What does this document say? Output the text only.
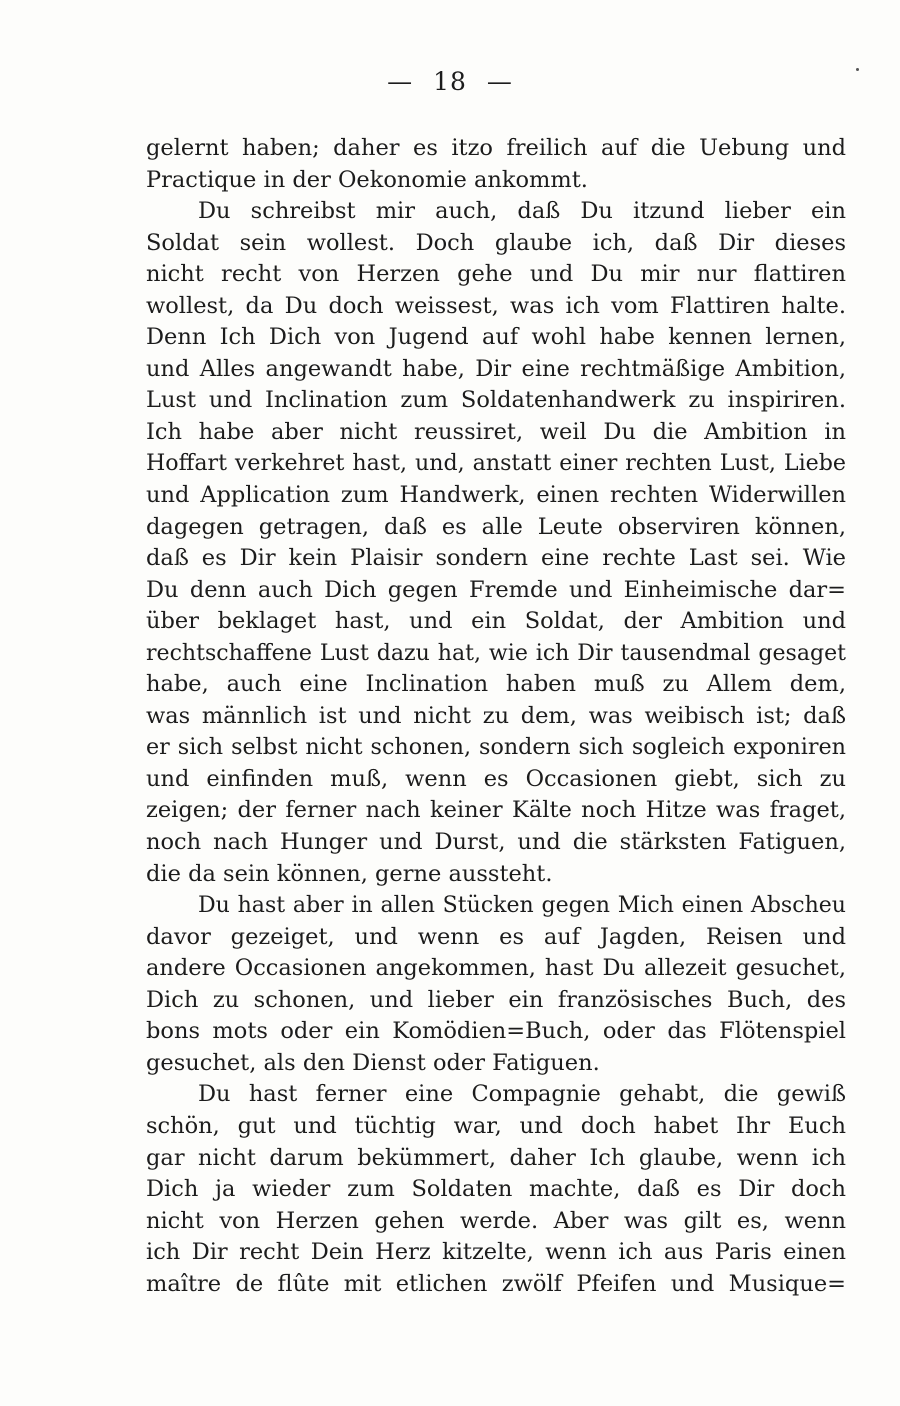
— 18 —
gelernt haben; daher es itzo freilich auf die Uebung und
Practique in der Oekonomie ankommt.
Du schreibst mir auch, daß Du itzund lieber ein
Soldat sein wollest. Doch glaube ich, daß Dir dieses
nicht recht von Herzen gehe und Du mir nur flattiren
wollest, da Du doch weissest, was ich vom Flattiren halte.
Denn Ich Dich von Jugend auf wohl habe kennen lernen,
und Alles angewandt habe, Dir eine rechtmäßige Ambition,
Lust und Inclination zum Soldatenhandwerk zu inspiriren.
Ich habe aber nicht reussiret, weil Du die Ambition in
Hoffart verkehret hast, und, anstatt einer rechten Lust, Liebe
und Application zum Handwerk, einen rechten Widerwillen
dagegen getragen, daß es alle Leute observiren können,
daß es Dir kein Plaisir sondern eine rechte Last sei. Wie
Du denn auch Dich gegen Fremde und Einheimische dar=
über beklaget hast, und ein Soldat, der Ambition und
rechtschaffene Lust dazu hat, wie ich Dir tausendmal gesaget
habe, auch eine Inclination haben muß zu Allem dem,
was männlich ist und nicht zu dem, was weibisch ist; daß
er sich selbst nicht schonen, sondern sich sogleich exponiren
und einfinden muß, wenn es Occasionen giebt, sich zu
zeigen; der ferner nach keiner Kälte noch Hitze was fraget,
noch nach Hunger und Durst, und die stärksten Fatiguen,
die da sein können, gerne aussteht.
Du hast aber in allen Stücken gegen Mich einen Abscheu
davor gezeiget, und wenn es auf Jagden, Reisen und
andere Occasionen angekommen, hast Du allezeit gesuchet,
Dich zu schonen, und lieber ein französisches Buch, des
bons mots oder ein Komödien=Buch, oder das Flötenspiel
gesuchet, als den Dienst oder Fatiguen.
Du hast ferner eine Compagnie gehabt, die gewiß
schön, gut und tüchtig war, und doch habet Ihr Euch
gar nicht darum bekümmert, daher Ich glaube, wenn ich
Dich ja wieder zum Soldaten machte, daß es Dir doch
nicht von Herzen gehen werde. Aber was gilt es, wenn
ich Dir recht Dein Herz kitzelte, wenn ich aus Paris einen
maître de flûte mit etlichen zwölf Pfeifen und Musique=
